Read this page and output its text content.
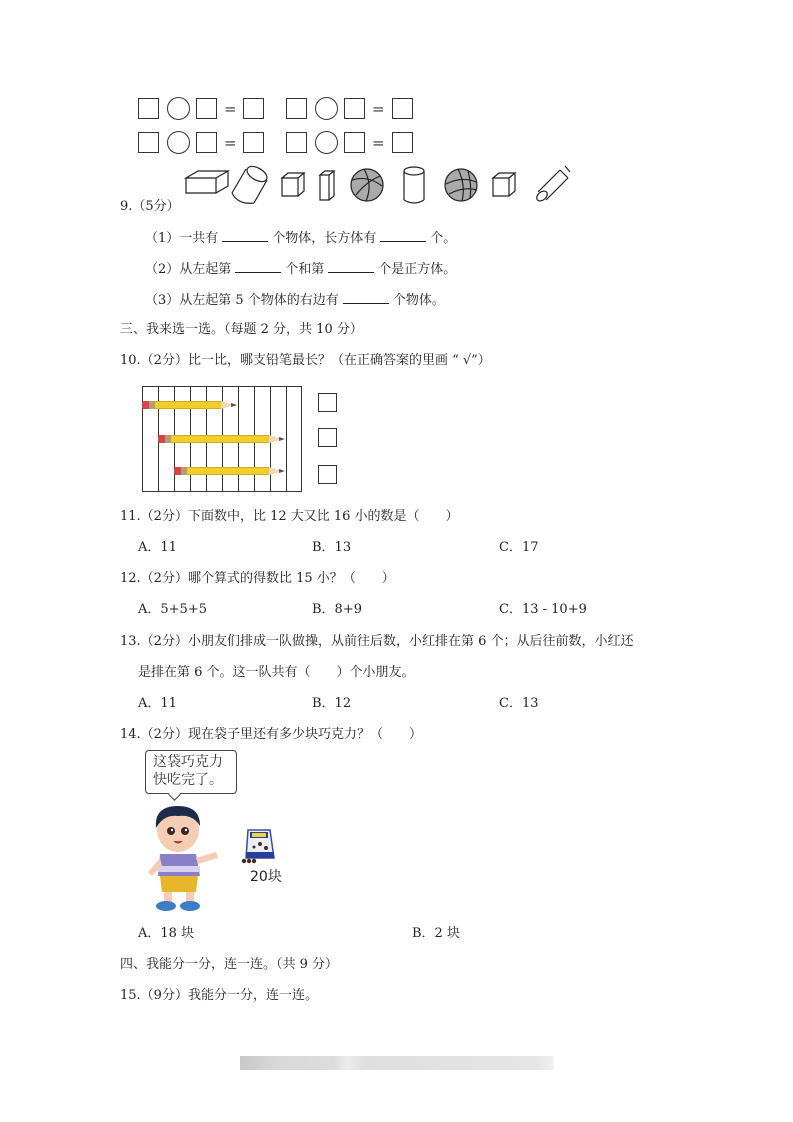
=	=
=	=
9.（5分）
（1）一共有	个物体，长方体有	个。
（2）从左起第	个和第	个是正方体。
（3）从左起第 5 个物体的右边有	个物体。
三、我来选一选。（每题 2 分，共 10 分）
10.（2分）比一比，哪支铅笔最长？（在正确答案的里画 “ √”）
11.（2分）下面数中，比 12 大又比 16 小的数是（　　）
A．11	B．13	C．17
12.（2分）哪个算式的得数比 15 小？（　　）
A．5+5+5	B．8+9	C．13 - 10+9
13.（2分）小朋友们排成一队做操，从前往后数，小红排在第 6 个；从后往前数，小红还
是排在第 6 个。这一队共有（　　）个小朋友。
A．11	B．12	C．13
14.（2分）现在袋子里还有多少块巧克力？（　　）
这袋巧克力
快吃完了。
20块
A．18 块	B．2 块
四、我能分一分，连一连。（共 9 分）
15.（9分）我能分一分，连一连。
